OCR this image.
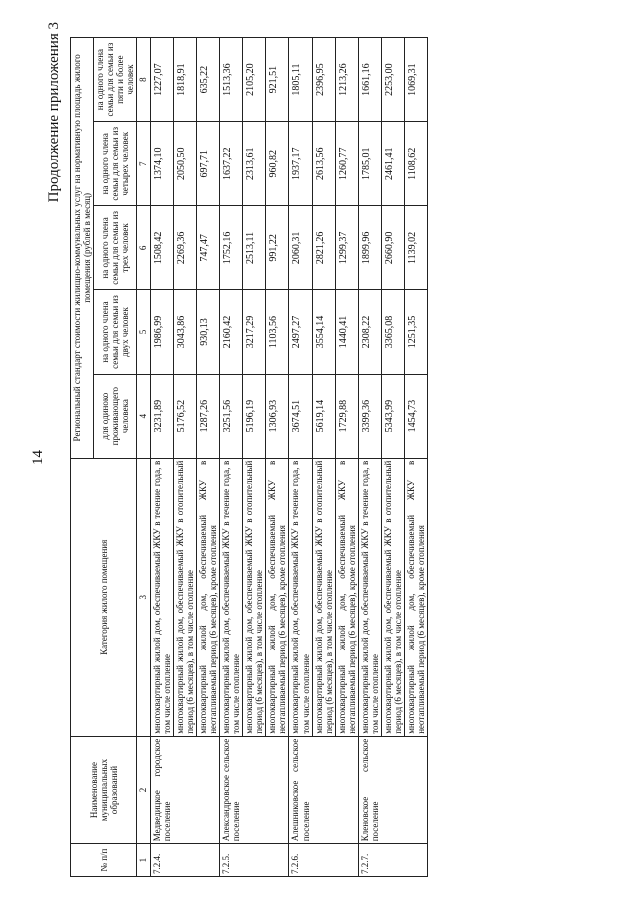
14
Продолжение приложения 3
№ п/п	Наименование муниципальных образований	Категория жилого помещения	Региональный стандарт стоимости жилищно-коммунальных услуг на нормативную площадь жилого помещения (рублей в месяц)				
			для одиноко проживающего человека	на одного члена семьи для семьи из двух человек	на одного члена семьи для семьи из трех человек	на одного члена семьи для семьи из четырех человек	на одного члена семьи для семьи из пяти и более человек
1	2	3	4	5	6	7	8
7.2.4.	Медведицкое городское поселение	многоквартирный жилой дом, обеспечиваемый ЖКУ в течение года, в том числе отопление	3231,89	1986,99	1508,42	1374,10	1227,07
		многоквартирный жилой дом, обеспечиваемый ЖКУ в отопительный период (6 месяцев), в том числе отопление	5176,52	3043,86	2269,36	2050,50	1818,91
		многоквартирный жилой дом, обеспечиваемый ЖКУ в неотапливаемый период (6 месяцев), кроме отопления	1287,26	930,13	747,47	697,71	635,22
7.2.5.	Александровское сельское поселение	многоквартирный жилой дом, обеспечиваемый ЖКУ в течение года, в том числе отопление	3251,56	2160,42	1752,16	1637,22	1513,36
		многоквартирный жилой дом, обеспечиваемый ЖКУ в отопительный период (6 месяцев), в том числе отопление	5196,19	3217,29	2513,11	2313,61	2105,20
		многоквартирный жилой дом, обеспечиваемый ЖКУ в неотапливаемый период (6 месяцев), кроме отопления	1306,93	1103,56	991,22	960,82	921,51
7.2.6.	Алешниковское сельское поселение	многоквартирный жилой дом, обеспечиваемый ЖКУ в течение года, в том числе отопление	3674,51	2497,27	2060,31	1937,17	1805,11
		многоквартирный жилой дом, обеспечиваемый ЖКУ в отопительный период (6 месяцев), в том числе отопление	5619,14	3554,14	2821,26	2613,56	2396,95
		многоквартирный жилой дом, обеспечиваемый ЖКУ в неотапливаемый период (6 месяцев), кроме отопления	1729,88	1440,41	1299,37	1260,77	1213,26
7.2.7.	Кленовское сельское поселение	многоквартирный жилой дом, обеспечиваемый ЖКУ в течение года, в том числе отопление	3399,36	2308,22	1899,96	1785,01	1661,16
		многоквартирный жилой дом, обеспечиваемый ЖКУ в отопительный период (6 месяцев), в том числе отопление	5343,99	3365,08	2660,90	2461,41	2253,00
		многоквартирный жилой дом, обеспечиваемый ЖКУ в неотапливаемый период (6 месяцев), кроме отопления	1454,73	1251,35	1139,02	1108,62	1069,31
